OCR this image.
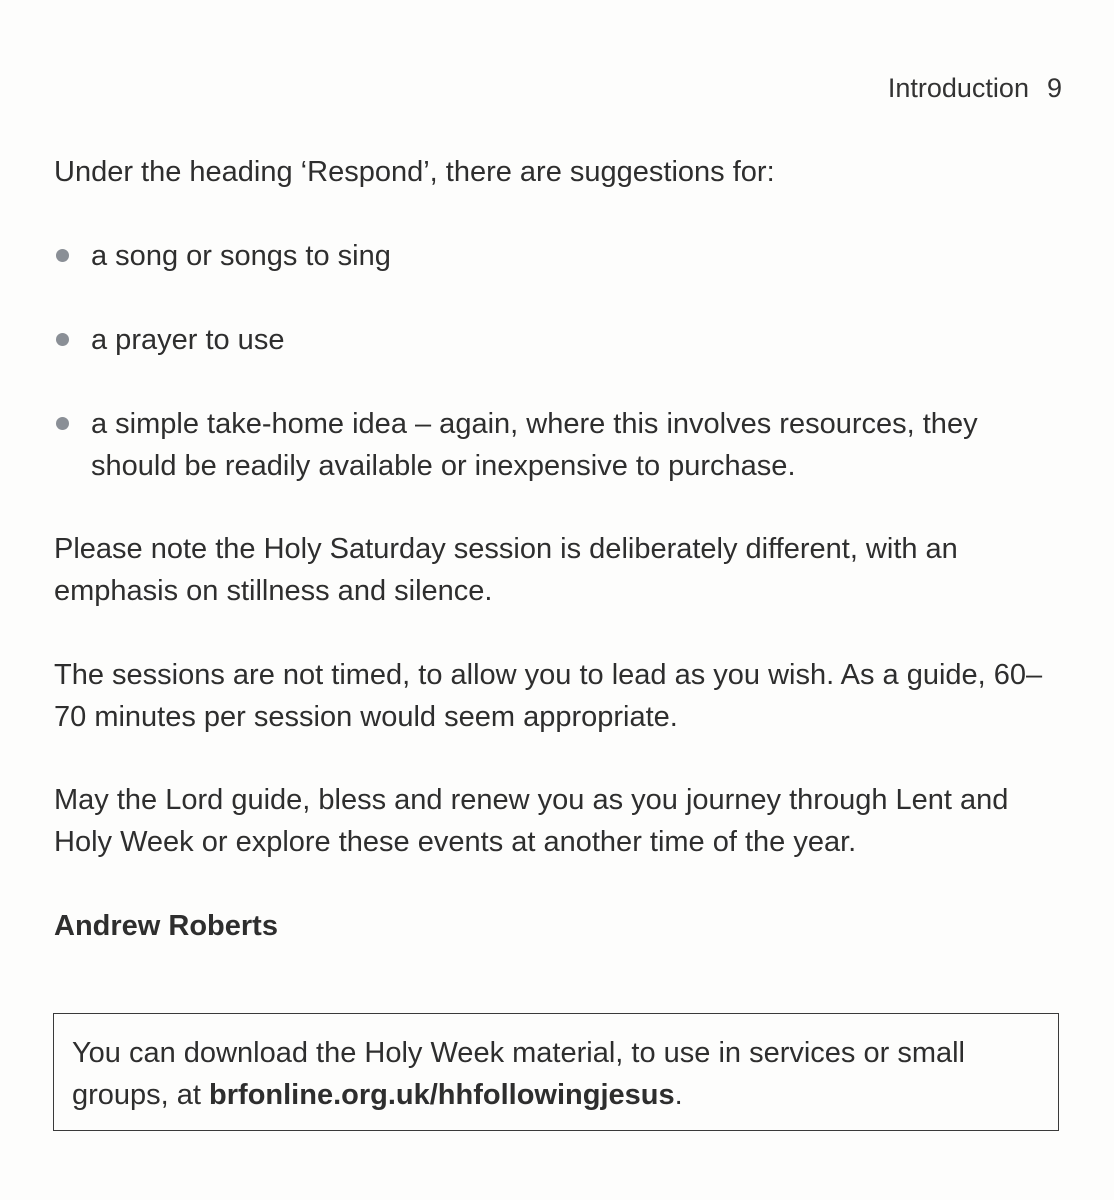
Introduction 9
Under the heading ‘Respond’, there are suggestions for:
a song or songs to sing
a prayer to use
a simple take-home idea – again, where this involves resources, they should be readily available or inexpensive to purchase.
Please note the Holy Saturday session is deliberately different, with an emphasis on stillness and silence.
The sessions are not timed, to allow you to lead as you wish. As a guide, 60–70 minutes per session would seem appropriate.
May the Lord guide, bless and renew you as you journey through Lent and Holy Week or explore these events at another time of the year.
Andrew Roberts
You can download the Holy Week material, to use in services or small groups, at brfonline.org.uk/hhfollowingjesus.
